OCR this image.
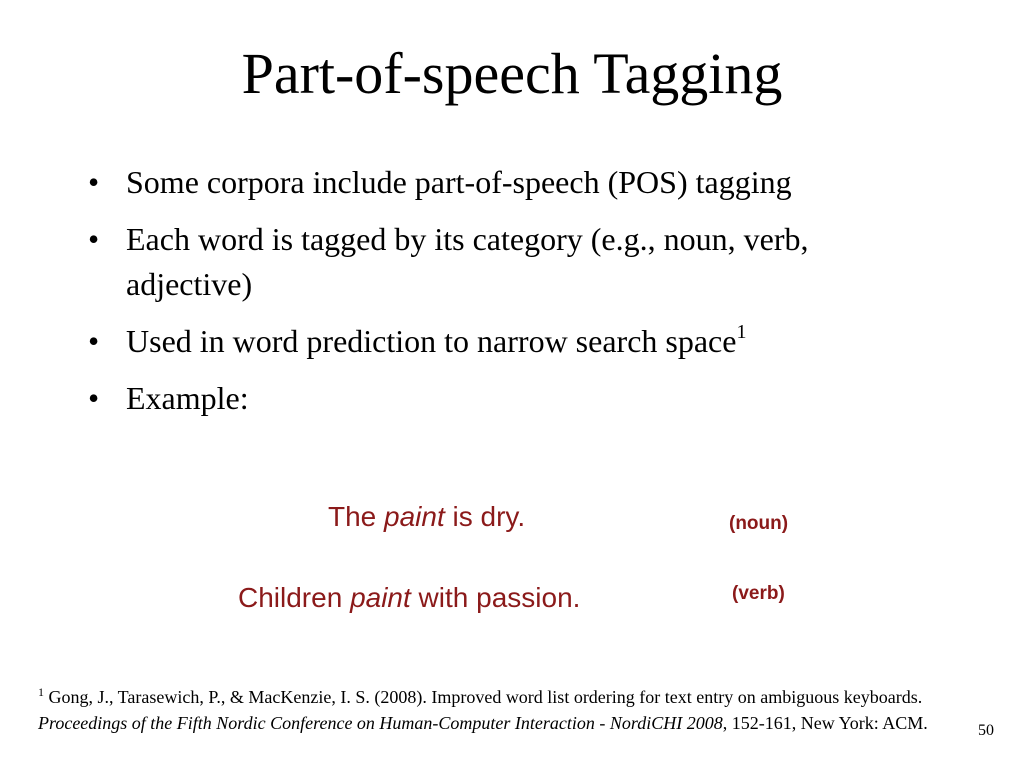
Part-of-speech Tagging
• Some corpora include part-of-speech (POS) tagging
• Each word is tagged by its category (e.g., noun, verb, adjective)
• Used in word prediction to narrow search space$^1$
• Example:
The paint is dry.	(noun)
Children paint with passion.	(verb)

$^1$ Gong, J., Tarasewich, P., & MacKenzie, I. S. (2008). Improved word list ordering for text entry on ambiguous keyboards. Proceedings of the Fifth Nordic Conference on Human-Computer Interaction - NordiCHI 2008, 152-161, New York: ACM.	50
